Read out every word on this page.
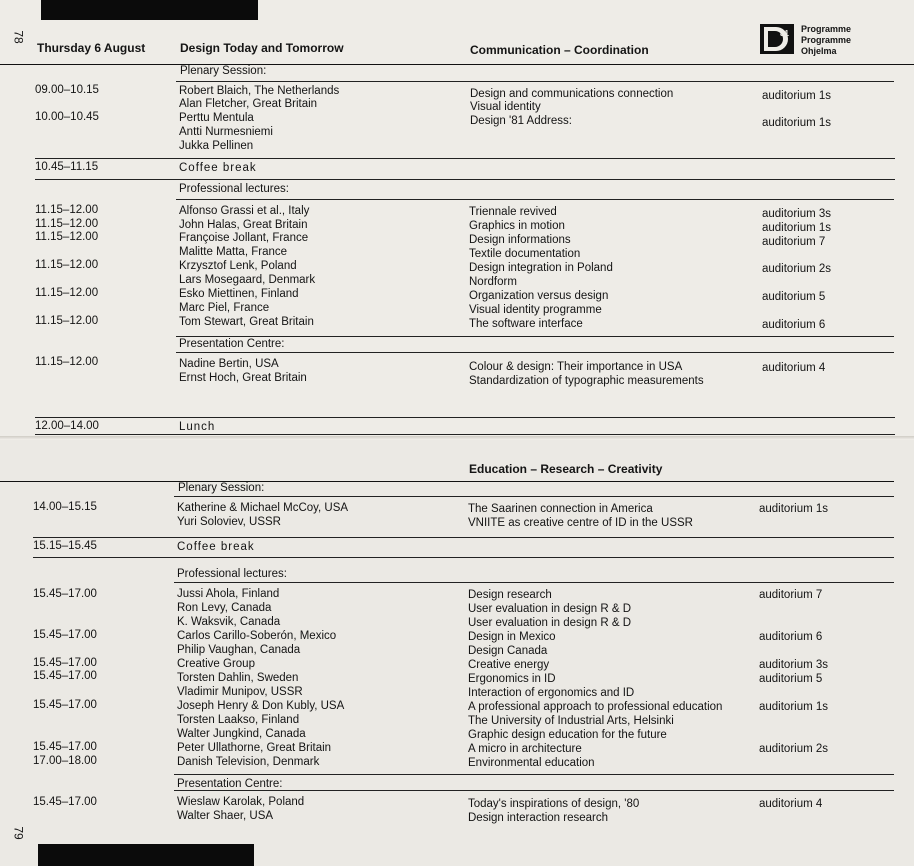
78
79
81 Programme
Programme
Ohjelma
Thursday 6 August	Design Today and Tomorrow	Communication – Coordination
Education – Research – Creativity
Plenary Session:
09.00–10.15	Robert Blaich, The Netherlands	Design and communications connection	auditorium 1s
Alan Fletcher, Great Britain	Visual identity
10.00–10.45	Perttu Mentula	Design '81 Address:	auditorium 1s
Antti Nurmesniemi
Jukka Pellinen
10.45–11.15	Coffee break
Professional lectures:
11.15–12.00	Alfonso Grassi et al., Italy	Triennale revived	auditorium 3s
11.15–12.00	John Halas, Great Britain	Graphics in motion	auditorium 1s
11.15–12.00	Françoise Jollant, France	Design informations	auditorium 7
Malitte Matta, France	Textile documentation
11.15–12.00	Krzysztof Lenk, Poland	Design integration in Poland	auditorium 2s
Lars Mosegaard, Denmark	Nordform
11.15–12.00	Esko Miettinen, Finland	Organization versus design	auditorium 5
Marc Piel, France	Visual identity programme
11.15–12.00	Tom Stewart, Great Britain	The software interface	auditorium 6
Presentation Centre:
11.15–12.00	Nadine Bertin, USA	Colour & design: Their importance in USA	auditorium 4
Ernst Hoch, Great Britain	Standardization of typographic measurements
12.00–14.00	Lunch
Plenary Session:
14.00–15.15	Katherine & Michael McCoy, USA	The Saarinen connection in America	auditorium 1s
Yuri Soloviev, USSR	VNIITE as creative centre of ID in the USSR
15.15–15.45	Coffee break
Professional lectures:
15.45–17.00	Jussi Ahola, Finland	Design research	auditorium 7
Ron Levy, Canada	User evaluation in design R & D
K. Waksvik, Canada	User evaluation in design R & D
15.45–17.00	Carlos Carillo-Soberón, Mexico	Design in Mexico	auditorium 6
Philip Vaughan, Canada	Design Canada
15.45–17.00	Creative Group	Creative energy	auditorium 3s
15.45–17.00	Torsten Dahlin, Sweden	Ergonomics in ID	auditorium 5
Vladimir Munipov, USSR	Interaction of ergonomics and ID
15.45–17.00	Joseph Henry & Don Kubly, USA	A professional approach to professional education	auditorium 1s
Torsten Laakso, Finland	The University of Industrial Arts, Helsinki
Walter Jungkind, Canada	Graphic design education for the future
15.45–17.00	Peter Ullathorne, Great Britain	A micro in architecture	auditorium 2s
17.00–18.00	Danish Television, Denmark	Environmental education
Presentation Centre:
15.45–17.00	Wieslaw Karolak, Poland	Today's inspirations of design, '80	auditorium 4
Walter Shaer, USA	Design interaction research
